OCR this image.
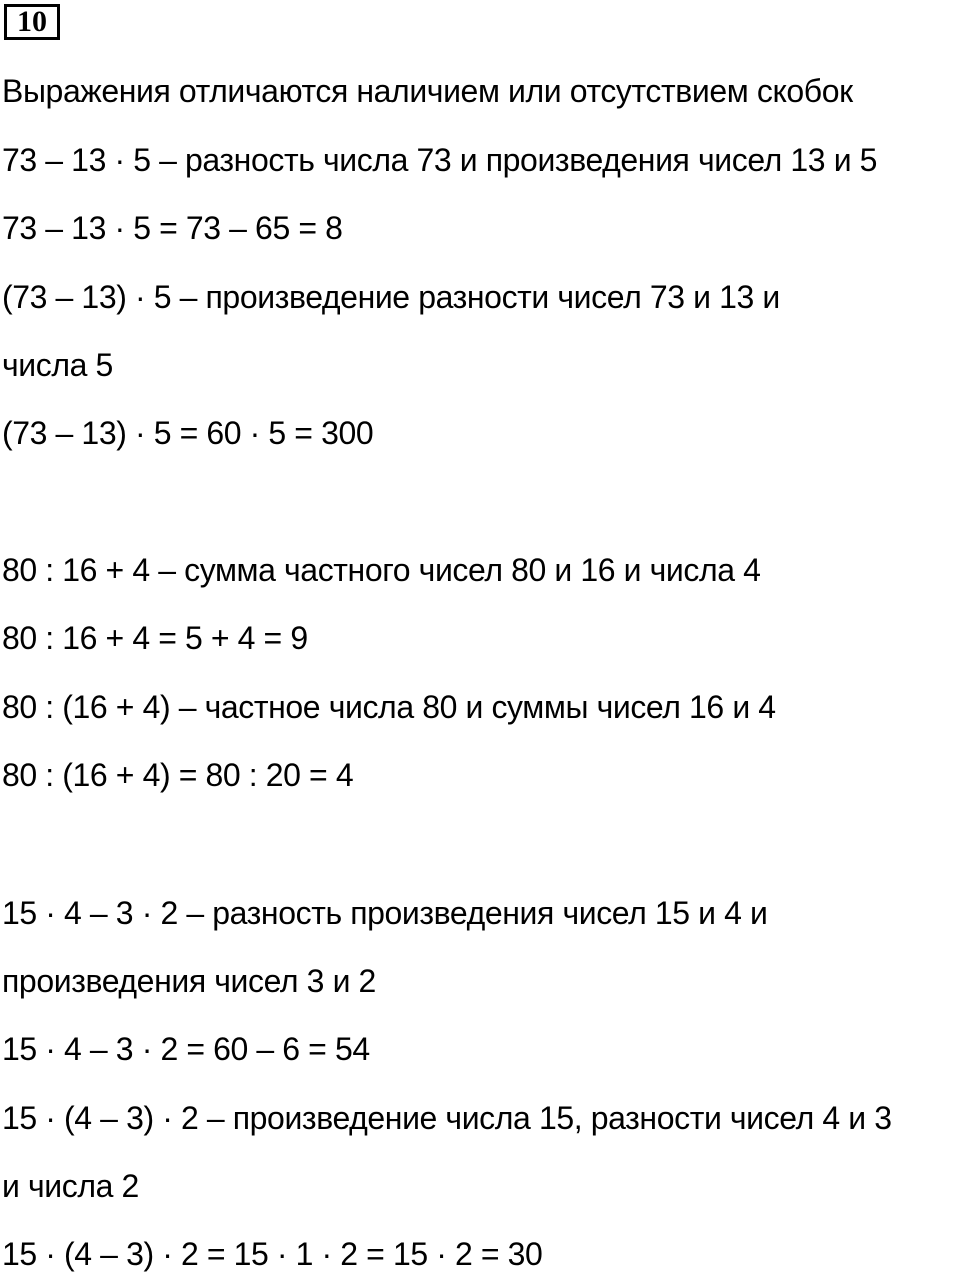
10
Выражения отличаются наличием или отсутствием скобок
73 – 13 · 5 – разность числа 73 и произведения чисел 13 и 5
73 – 13 · 5 = 73 – 65 = 8
(73 – 13) · 5 – произведение разности чисел 73 и 13 и
числа 5
(73 – 13) · 5 = 60 · 5 = 300
80 : 16 + 4 – сумма частного чисел 80 и 16 и числа 4
80 : 16 + 4 = 5 + 4 = 9
80 : (16 + 4) – частное числа 80 и суммы чисел 16 и 4
80 : (16 + 4) = 80 : 20 = 4
15 · 4 – 3 · 2 – разность произведения чисел 15 и 4 и
произведения чисел 3 и 2
15 · 4 – 3 · 2 = 60 – 6 = 54
15 · (4 – 3) · 2 – произведение числа 15, разности чисел 4 и 3
и числа 2
15 · (4 – 3) · 2 = 15 · 1 · 2 = 15 · 2 = 30
